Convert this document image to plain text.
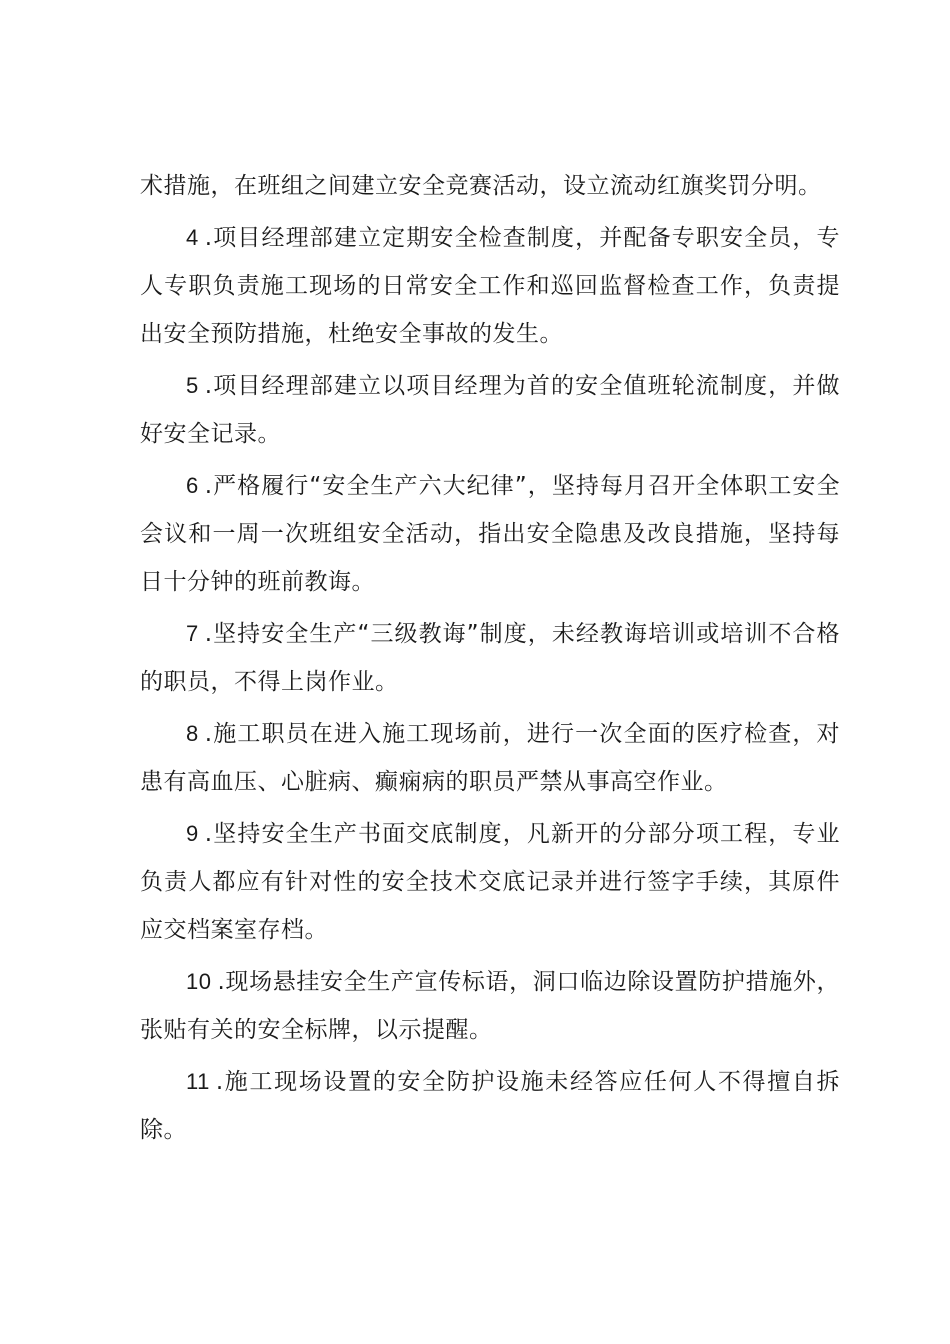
术措施，在班组之间建立安全竞赛活动，设立流动红旗奖罚分明。

4 .项目经理部建立定期安全检查制度，并配备专职安全员，专人专职负责施工现场的日常安全工作和巡回监督检查工作，负责提出安全预防措施，杜绝安全事故的发生。

5 .项目经理部建立以项目经理为首的安全值班轮流制度，并做好安全记录。

6 .严格履行“安全生产六大纪律”，坚持每月召开全体职工安全会议和一周一次班组安全活动，指出安全隐患及改良措施，坚持每日十分钟的班前教诲。

7 .坚持安全生产“三级教诲”制度，未经教诲培训或培训不合格的职员，不得上岗作业。

8 .施工职员在进入施工现场前，进行一次全面的医疗检查，对患有高血压、心脏病、癫痫病的职员严禁从事高空作业。

9 .坚持安全生产书面交底制度，凡新开的分部分项工程，专业负责人都应有针对性的安全技术交底记录并进行签字手续，其原件应交档案室存档。

10 .现场悬挂安全生产宣传标语，洞口临边除设置防护措施外，张贴有关的安全标牌，以示提醒。

11 .施工现场设置的安全防护设施未经答应任何人不得擅自拆除。
